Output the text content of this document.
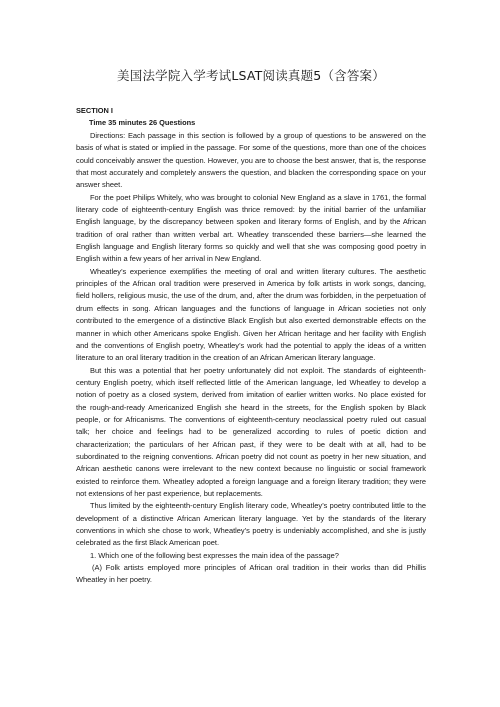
美国法学院入学考试LSAT阅读真题5（含答案）
SECTION I
Time 35 minutes 26 Questions

Directions: Each passage in this section is followed by a group of questions to be answered on the basis of what is stated or implied in the passage. For some of the questions, more than one of the choices could conceivably answer the question. However, you are to choose the best answer, that is, the response that most accurately and completely answers the question, and blacken the corresponding space on your answer sheet.

For the poet Philips Whitely, who was brought to colonial New England as a slave in 1761, the formal literary code of eighteenth-century English was thrice removed: by the initial barrier of the unfamiliar English language, by the discrepancy between spoken and literary forms of English, and by the African tradition of oral rather than written verbal art. Wheatley transcended these barriers—she learned the English language and English literary forms so quickly and well that she was composing good poetry in English within a few years of her arrival in New England.

Wheatley’s experience exemplifies the meeting of oral and written literary cultures. The aesthetic principles of the African oral tradition were preserved in America by folk artists in work songs, dancing, field hollers, religious music, the use of the drum, and, after the drum was forbidden, in the perpetuation of drum effects in song. African languages and the functions of language in African societies not only contributed to the emergence of a distinctive Black English but also exerted demonstrable effects on the manner in which other Americans spoke English. Given her African heritage and her facility with English and the conventions of English poetry, Wheatley’s work had the potential to apply the ideas of a written literature to an oral literary tradition in the creation of an African American literary language.

But this was a potential that her poetry unfortunately did not exploit. The standards of eighteenth-century English poetry, which itself reflected little of the American language, led Wheatley to develop a notion of poetry as a closed system, derived from imitation of earlier written works. No place existed for the rough-and-ready Americanized English she heard in the streets, for the English spoken by Black people, or for Africanisms. The conventions of eighteenth-century neoclassical poetry ruled out casual talk; her choice and feelings had to be generalized according to rules of poetic diction and characterization; the particulars of her African past, if they were to be dealt with at all, had to be subordinated to the reigning conventions. African poetry did not count as poetry in her new situation, and African aesthetic canons were irrelevant to the new context because no linguistic or social framework existed to reinforce them. Wheatley adopted a foreign language and a foreign literary tradition; they were not extensions of her past experience, but replacements.

Thus limited by the eighteenth-century English literary code, Wheatley’s poetry contributed little to the development of a distinctive African American literary language. Yet by the standards of the literary conventions in which she chose to work, Wheatley’s poetry is undeniably accomplished, and she is justly celebrated as the first Black American poet.

1. Which one of the following best expresses the main idea of the passage?

(A) Folk artists employed more principles of African oral tradition in their works than did Phillis Wheatley in her poetry.
